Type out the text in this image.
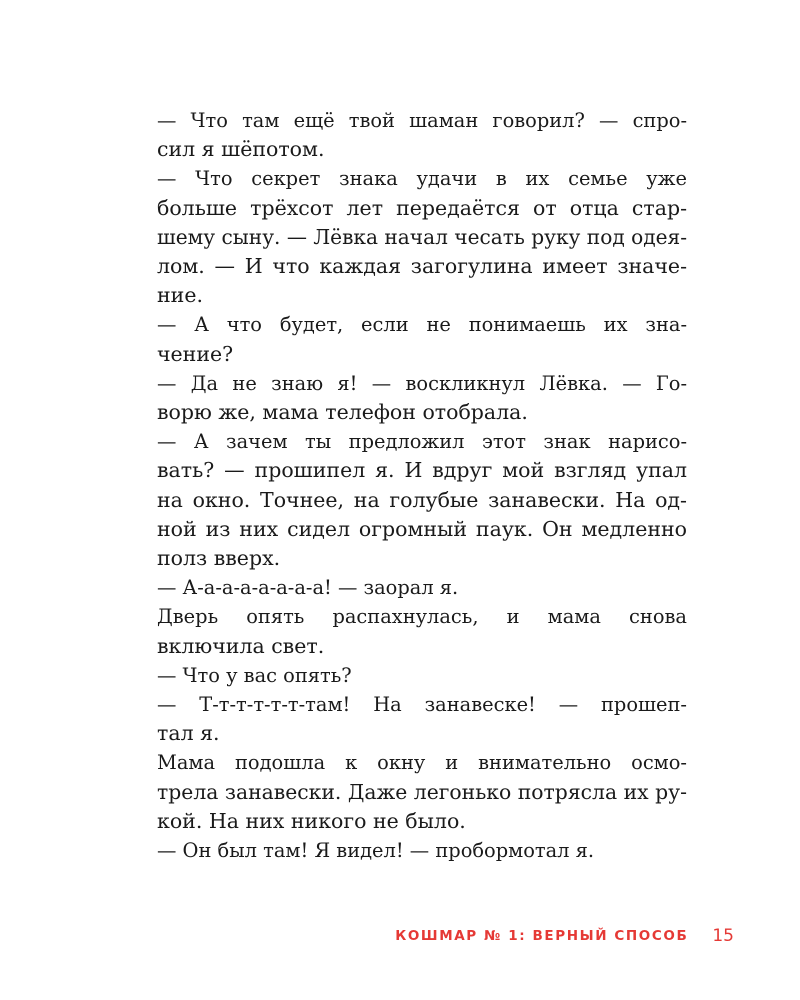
— Что там ещё твой шаман говорил? — спро-
сил я шёпотом.

— Что секрет знака удачи в их семье уже
больше трёхсот лет передаётся от отца стар-
шему сыну. — Лёвка начал чесать руку под одея-
лом. — И что каждая загогулина имеет значе-
ние.

— А что будет, если не понимаешь их зна-
чение?

— Да не знаю я! — воскликнул Лёвка. — Го-
ворю же, мама телефон отобрала.

— А зачем ты предложил этот знак нарисо-
вать? — прошипел я. И вдруг мой взгляд упал
на окно. Точнее, на голубые занавески. На од-
ной из них сидел огромный паук. Он медленно
полз вверх.

— А-а-а-а-а-а-а-а! — заорал я.

Дверь опять распахнулась, и мама снова
включила свет.

— Что у вас опять?

— Т-т-т-т-т-т-там! На занавеске! — прошеп-
тал я.

Мама подошла к окну и внимательно осмо-
трела занавески. Даже легонько потрясла их ру-
кой. На них никого не было.

— Он был там! Я видел! — пробормотал я.

КОШМАР № 1: ВЕРНЫЙ СПОСОБ 15
